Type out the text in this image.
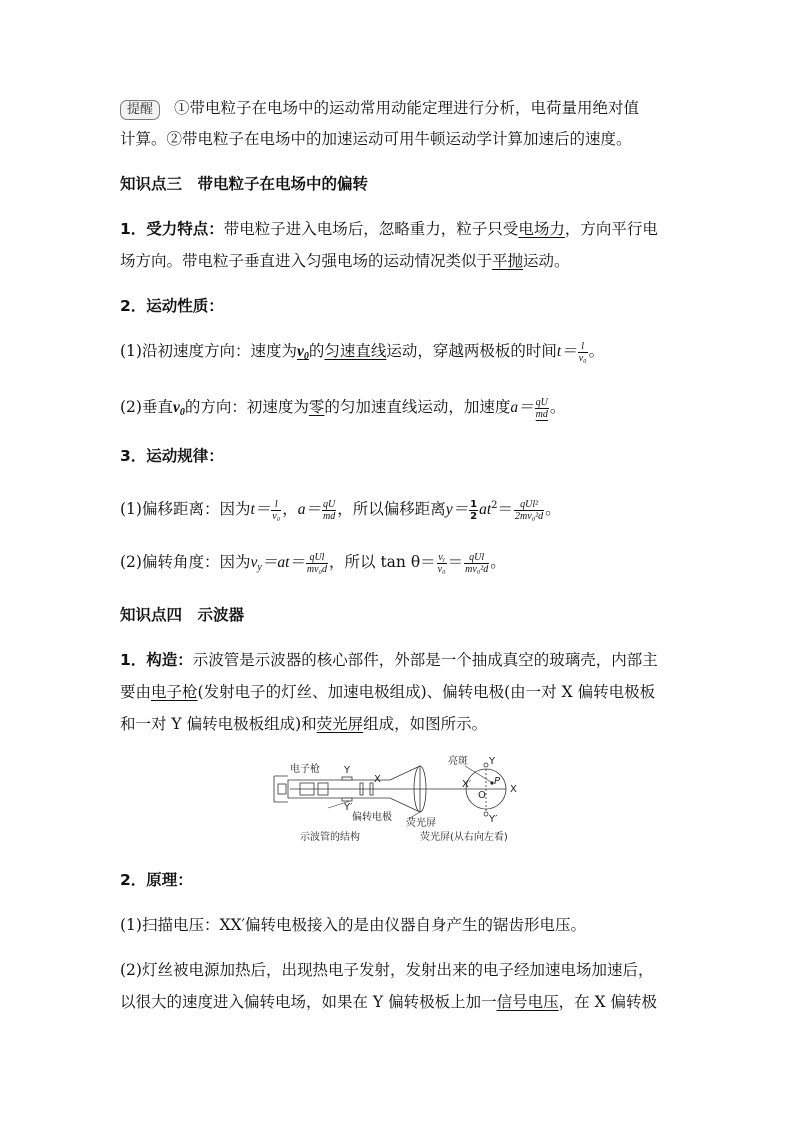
提醒 ①带电粒子在电场中的运动常用动能定理进行分析，电荷量用绝对值
计算。②带电粒子在电场中的加速运动可用牛顿运动学计算加速后的速度。
知识点三　带电粒子在电场中的偏转
1．受力特点：带电粒子进入电场后，忽略重力，粒子只受电场力，方向平行电
场方向。带电粒子垂直进入匀强电场的运动情况类似于平抛运动。
2．运动性质：
(1)沿初速度方向：速度为$v_0$的匀速直线运动，穿越两极板的时间$t= \frac{l}{\text{v₀}}$ 。
(2)垂直$v_0$的方向：初速度为零的匀加速直线运动，加速度$a= \frac{qU}{md}$ 。
3．运动规律：
(1)偏移距离：因为$t= \frac{l}{\text{v₀}}$ ，$a= \frac{qU}{md}$ ，所以偏移距离$y= \frac{1}{2} at^2= \frac{\text{qUl²}}{\text{2mv₀²d}}$ 。
(2)偏转角度：因为$v_y=at= \frac{\text{qUl}}{\text{mv₀d}}$ ，所以 $\tan \theta= \frac{\text{vᵧ}}{\text{v₀}} = \frac{\text{qUl}}{\text{mv₀²d}}$ 。
知识点四　示波器
1．构造：示波管是示波器的核心部件，外部是一个抽成真空的玻璃壳，内部主
要由电子枪(发射电子的灯丝、加速电极组成)、偏转电极(由一对 X 偏转电极板
和一对 Y 偏转电极板组成)和荧光屏组成，如图所示。
电子枪 Y
Y′
X
偏转电极
荧光屏
亮斑 Y
Y′
X′	X
P
O
示波管的结构	荧光屏(从右向左看)
2．原理：
(1)扫描电压：XX′偏转电极接入的是由仪器自身产生的锯齿形电压。
(2)灯丝被电源加热后，出现热电子发射，发射出来的电子经加速电场加速后，
以很大的速度进入偏转电场，如果在 Y 偏转极板上加一信号电压，在 X 偏转极
